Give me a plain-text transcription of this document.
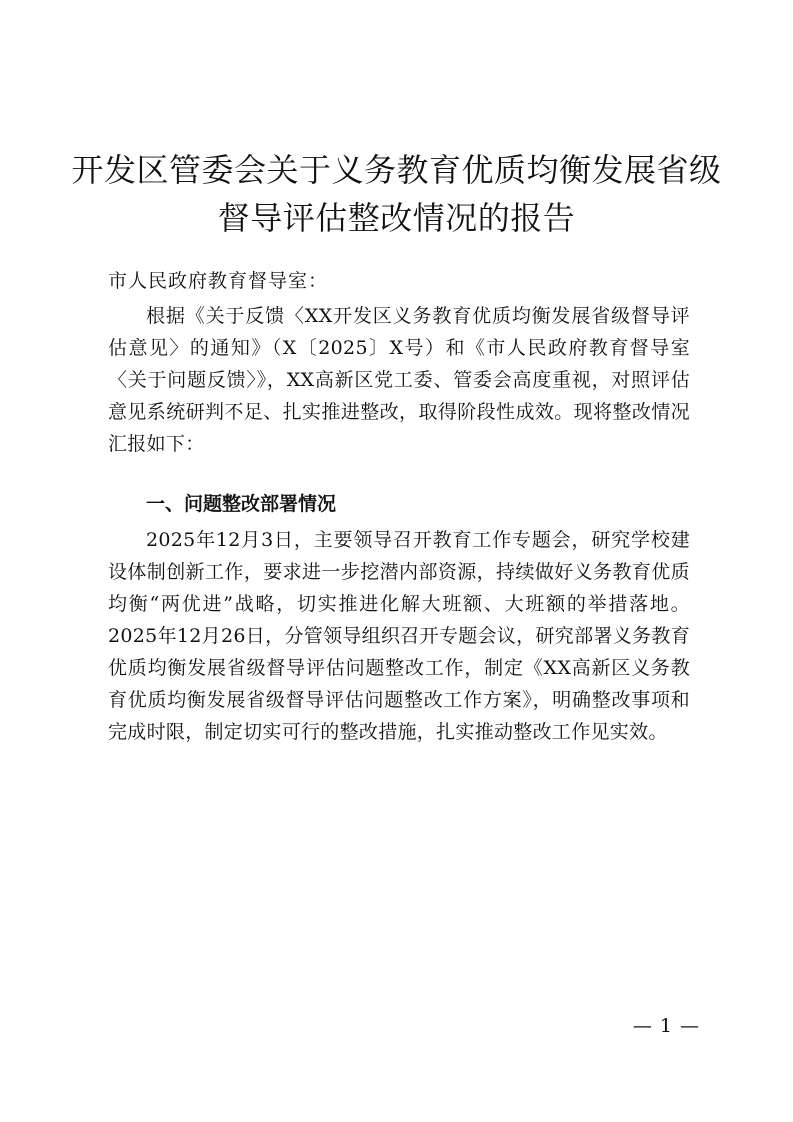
开发区管委会关于义务教育优质均衡发展省级
督导评估整改情况的报告
市人民政府教育督导室：

根据《关于反馈〈XX开发区义务教育优质均衡发展省级督导评估意见〉的通知》（X〔2025〕X号）和《市人民政府教育督导室〈关于问题反馈〉》，XX高新区党工委、管委会高度重视，对照评估意见系统研判不足、扎实推进整改，取得阶段性成效。现将整改情况汇报如下：

一、问题整改部署情况

2025年12月3日，主要领导召开教育工作专题会，研究学校建设体制创新工作，要求进一步挖潜内部资源，持续做好义务教育优质均衡“两优进”战略，切实推进化解大班额、大班额的举措落地。2025年12月26日，分管领导组织召开专题会议，研究部署义务教育优质均衡发展省级督导评估问题整改工作，制定《XX高新区义务教育优质均衡发展省级督导评估问题整改工作方案》，明确整改事项和完成时限，制定切实可行的整改措施，扎实推动整改工作见实效。

— 1 —
